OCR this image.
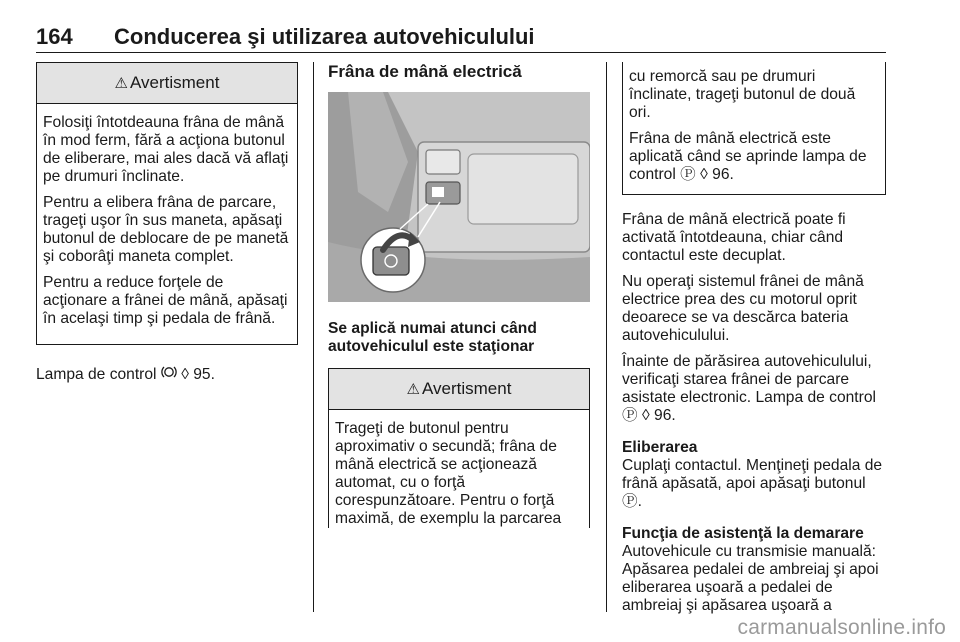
164 Conducerea şi utilizarea autovehiculului
⚠ Avertisment

Folosiţi întotdeauna frâna de mână în mod ferm, fără a acţiona butonul de eliberare, mai ales dacă vă aflaţi pe drumuri înclinate.

Pentru a elibera frâna de parcare, trageţi uşor în sus maneta, apăsaţi butonul de deblocare de pe manetă şi coborâţi maneta complet.

Pentru a reduce forţele de acţionare a frânei de mână, apăsaţi în acelaşi timp şi pedala de frână.

Lampa de control ◊ 95.

Frâna de mână electrică
Se aplică numai atunci când autovehiculul este staţionar
⚠ Avertisment

Trageţi de butonul pentru aproximativ o secundă; frâna de mână electrică se acţionează automat, cu o forţă corespunzătoare. Pentru o forţă maximă, de exemplu la parcarea

cu remorcă sau pe drumuri înclinate, trageţi butonul de două ori.

Frâna de mână electrică este aplicată când se aprinde lampa de control Ⓟ ◊ 96.

Frâna de mână electrică poate fi activată întotdeauna, chiar când contactul este decuplat.

Nu operaţi sistemul frânei de mână electrice prea des cu motorul oprit deoarece se va descărca bateria autovehiculului.

Înainte de părăsirea autovehiculului, verificaţi starea frânei de parcare asistate electronic. Lampa de control Ⓟ ◊ 96.

Eliberarea

Cuplaţi contactul. Menţineţi pedala de frână apăsată, apoi apăsaţi butonul Ⓟ.

Funcţia de asistenţă la demarare

Autovehicule cu transmisie manuală: Apăsarea pedalei de ambreiaj şi apoi eliberarea uşoară a pedalei de ambreiaj şi apăsarea uşoară a

carmanualsonline.info
